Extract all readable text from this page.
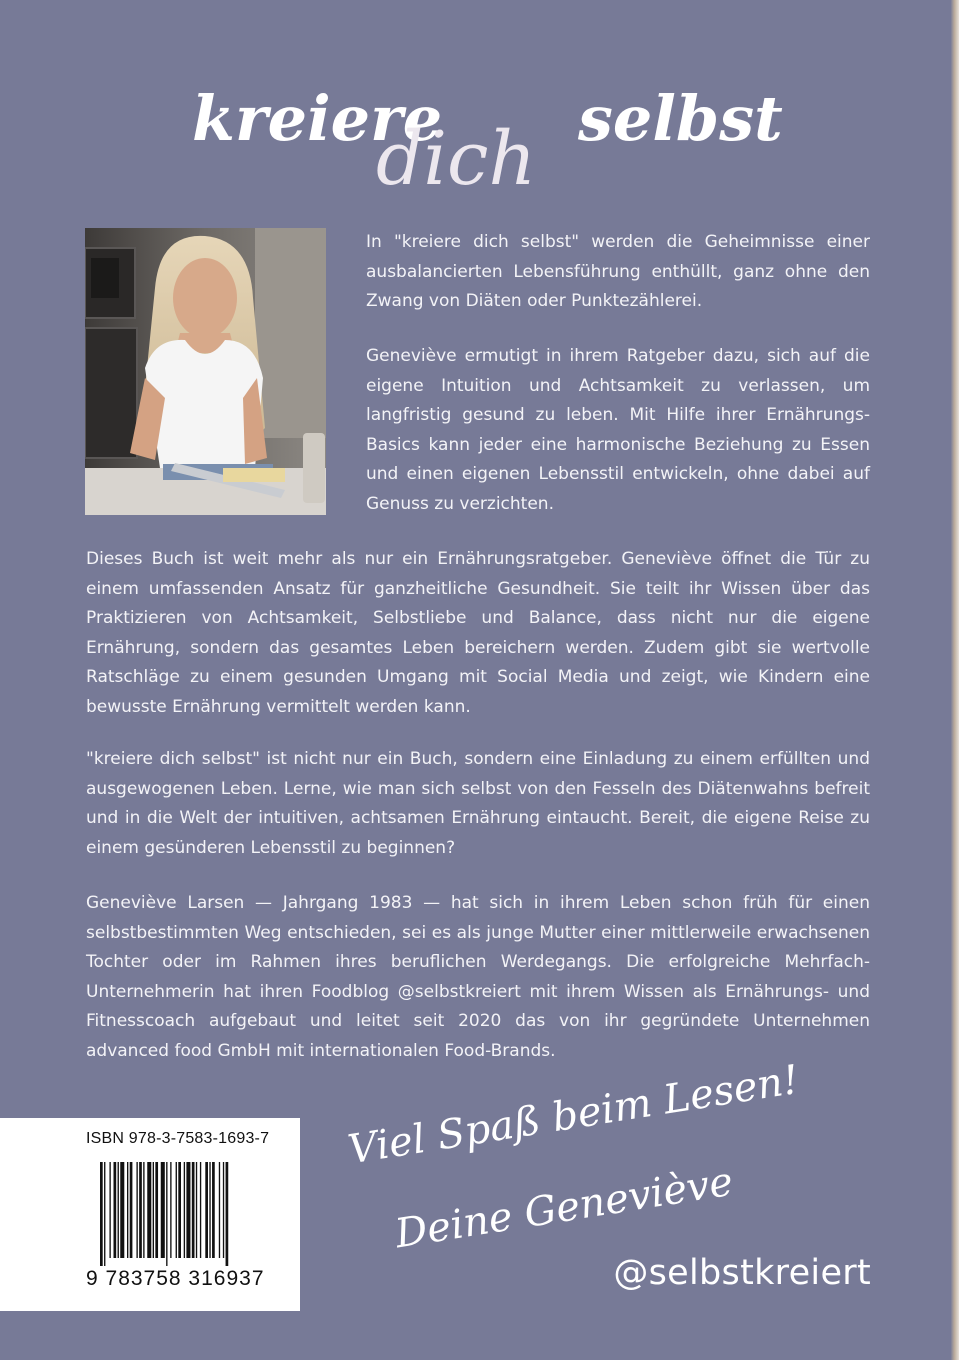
kreiere
dich selbst

In "kreiere dich selbst" werden die Geheimnisse einer ausbalancierten Lebensführung enthüllt, ganz ohne den Zwang von Diäten oder Punktezählerei.

Geneviève ermutigt in ihrem Ratgeber dazu, sich auf die eigene Intuition und Achtsamkeit zu verlassen, um langfristig gesund zu leben. Mit Hilfe ihrer Ernährungs-Basics kann jeder eine harmonische Beziehung zu Essen und einen eigenen Lebensstil entwickeln, ohne dabei auf Genuss zu verzichten.

Dieses Buch ist weit mehr als nur ein Ernährungsratgeber. Geneviève öffnet die Tür zu einem umfassenden Ansatz für ganzheitliche Gesundheit. Sie teilt ihr Wissen über das Praktizieren von Achtsamkeit, Selbstliebe und Balance, dass nicht nur die eigene Ernährung, sondern das gesamtes Leben bereichern werden. Zudem gibt sie wertvolle Ratschläge zu einem gesunden Umgang mit Social Media und zeigt, wie Kindern eine bewusste Ernährung vermittelt werden kann.

"kreiere dich selbst" ist nicht nur ein Buch, sondern eine Einladung zu einem erfüllten und ausgewogenen Leben. Lerne, wie man sich selbst von den Fesseln des Diätenwahns befreit und in die Welt der intuitiven, achtsamen Ernährung eintaucht. Bereit, die eigene Reise zu einem gesünderen Lebensstil zu beginnen?

Geneviève Larsen — Jahrgang 1983 — hat sich in ihrem Leben schon früh für einen selbstbestimmten Weg entschieden, sei es als junge Mutter einer mittlerweile erwachsenen Tochter oder im Rahmen ihres beruflichen Werdegangs. Die erfolgreiche Mehrfach-Unternehmerin hat ihren Foodblog @selbstkreiert mit ihrem Wissen als Ernährungs- und Fitnesscoach aufgebaut und leitet seit 2020 das von ihr gegründete Unternehmen advanced food GmbH mit internationalen Food-Brands.

ISBN 978-3-7583-1693-7
9 783758 316937
Viel Spaß beim Lesen!
Deine Geneviève
@selbstkreiert
